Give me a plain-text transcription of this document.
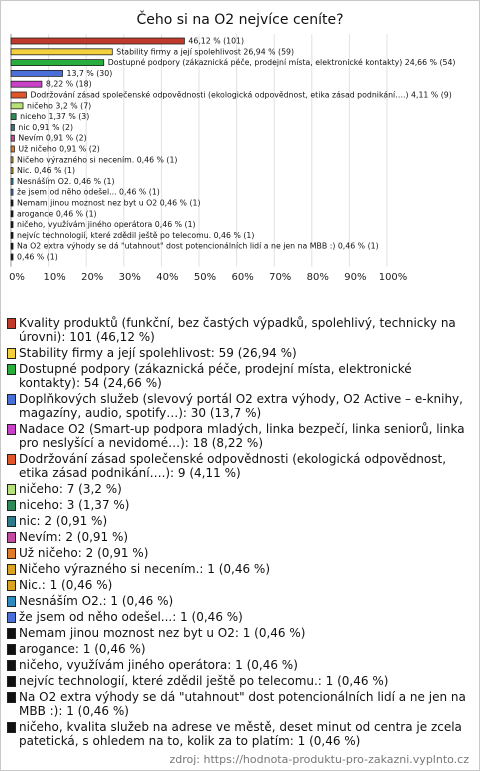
Čeho si na O2 nejvíce ceníte?
0% 10% 20% 30% 40% 50% 60% 70% 80% 90% 100%
46,12 % (101)
Stability firmy a její spolehlivost 26,94 % (59)
Dostupné podpory (zákaznická péče, prodejní místa, elektronické kontakty) 24,66 % (54)
13,7 % (30)
8,22 % (18)
Dodržování zásad společenské odpovědnosti (ekologická odpovědnost, etika zásad podnikání….) 4,11 % (9)
ničeho 3,2 % (7)
niceho 1,37 % (3)
nic 0,91 % (2)
Nevím 0,91 % (2)
Už ničeho 0,91 % (2)
Ničeho výrazného si necením. 0,46 % (1)
Nic. 0,46 % (1)
Nesnáším O2. 0,46 % (1)
že jsem od něho odešel... 0,46 % (1)
Nemam jinou moznost nez byt u O2 0,46 % (1)
arogance 0,46 % (1)
ničeho, využívám jiného operátora 0,46 % (1)
nejvíc technologií, které zdědil ještě po telecomu. 0,46 % (1)
Na O2 extra výhody se dá "utahnout" dost potencionálních lidí a ne jen na MBB :) 0,46 % (1)
0,46 % (1)
Kvality produktů (funkční, bez častých výpadků, spolehlivý, technicky na úrovni): 101 (46,12 %)
Stability firmy a její spolehlivost: 59 (26,94 %)
Dostupné podpory (zákaznická péče, prodejní místa, elektronické kontakty): 54 (24,66 %)
Doplňkových služeb (slevový portál O2 extra výhody, O2 Active – e-knihy, magazíny, audio, spotify…): 30 (13,7 %)
Nadace O2 (Smart-up podpora mladých, linka bezpečí, linka seniorů, linka pro neslyšící a nevidomé…): 18 (8,22 %)
Dodržování zásad společenské odpovědnosti (ekologická odpovědnost, etika zásad podnikání….): 9 (4,11 %)
ničeho: 7 (3,2 %)
niceho: 3 (1,37 %)
nic: 2 (0,91 %)
Nevím: 2 (0,91 %)
Už ničeho: 2 (0,91 %)
Ničeho výrazného si necením.: 1 (0,46 %)
Nic.: 1 (0,46 %)
Nesnáším O2.: 1 (0,46 %)
že jsem od něho odešel...: 1 (0,46 %)
Nemam jinou moznost nez byt u O2: 1 (0,46 %)
arogance: 1 (0,46 %)
ničeho, využívám jiného operátora: 1 (0,46 %)
nejvíc technologií, které zdědil ještě po telecomu.: 1 (0,46 %)
Na O2 extra výhody se dá "utahnout" dost potencionálních lidí a ne jen na MBB :): 1 (0,46 %)
ničeho, kvalita služeb na adrese ve městě, deset minut od centra je zcela patetická, s ohledem na to, kolik za to platím: 1 (0,46 %)
zdroj: https://hodnota-produktu-pro-zakazni.vyplnto.cz
